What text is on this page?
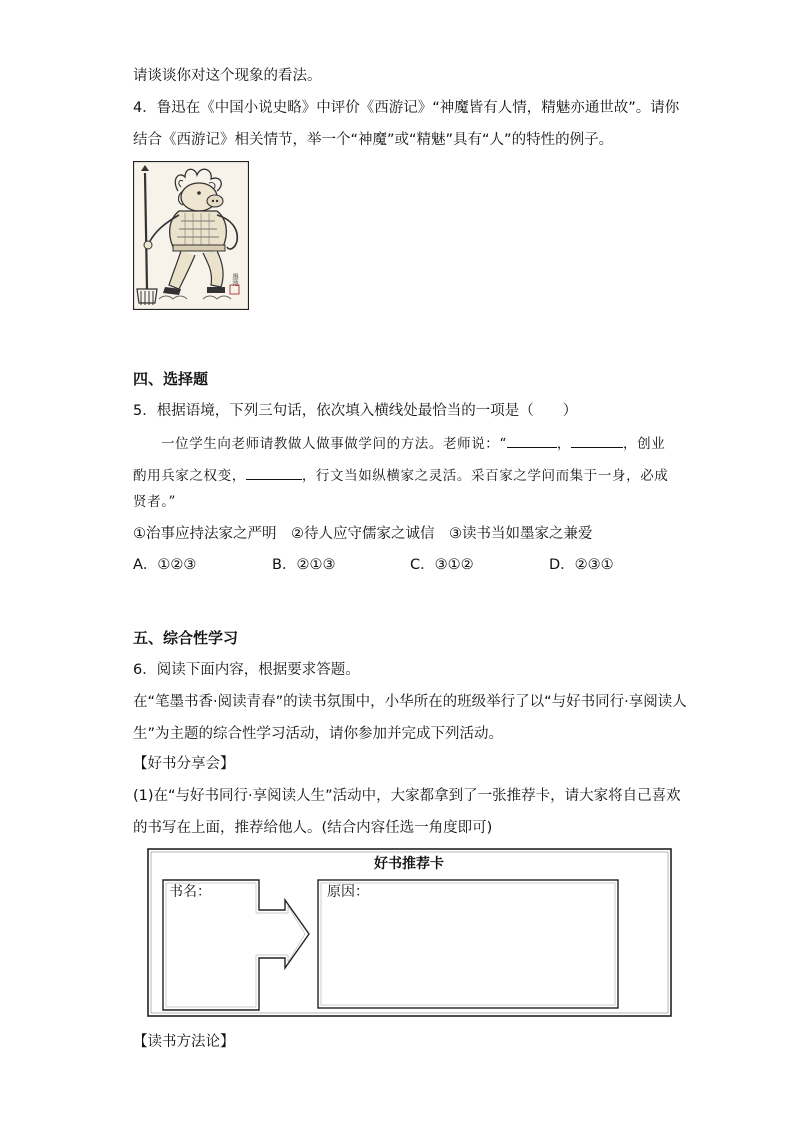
请谈谈你对这个现象的看法。
4．鲁迅在《中国小说史略》中评价《西游记》“神魔皆有人情，精魅亦通世故”。请你
结合《西游记》相关情节，举一个“神魔”或“精魅”具有“人”的特性的例子。
墨池
四、选择题
5．根据语境，下列三句话，依次填入横线处最恰当的一项是（　　）
一位学生向老师请教做人做事做学问的方法。老师说：“	，	，创业
酌用兵家之权变，	，行文当如纵横家之灵活。采百家之学问而集于一身，必成
贤者。”
①治事应持法家之严明　②待人应守儒家之诚信　③读书当如墨家之兼爱
A．①②③	B．②①③	C．③①②	D．②③①
五、综合性学习
6．阅读下面内容，根据要求答题。
在“笔墨书香·阅读青春”的读书氛围中，小华所在的班级举行了以“与好书同行·享阅读人
生”为主题的综合性学习活动，请你参加并完成下列活动。
【好书分享会】
(1)在“与好书同行·享阅读人生”活动中，大家都拿到了一张推荐卡，请大家将自己喜欢
的书写在上面，推荐给他人。(结合内容任选一角度即可)
好书推荐卡
书名：	原因：
【读书方法论】
